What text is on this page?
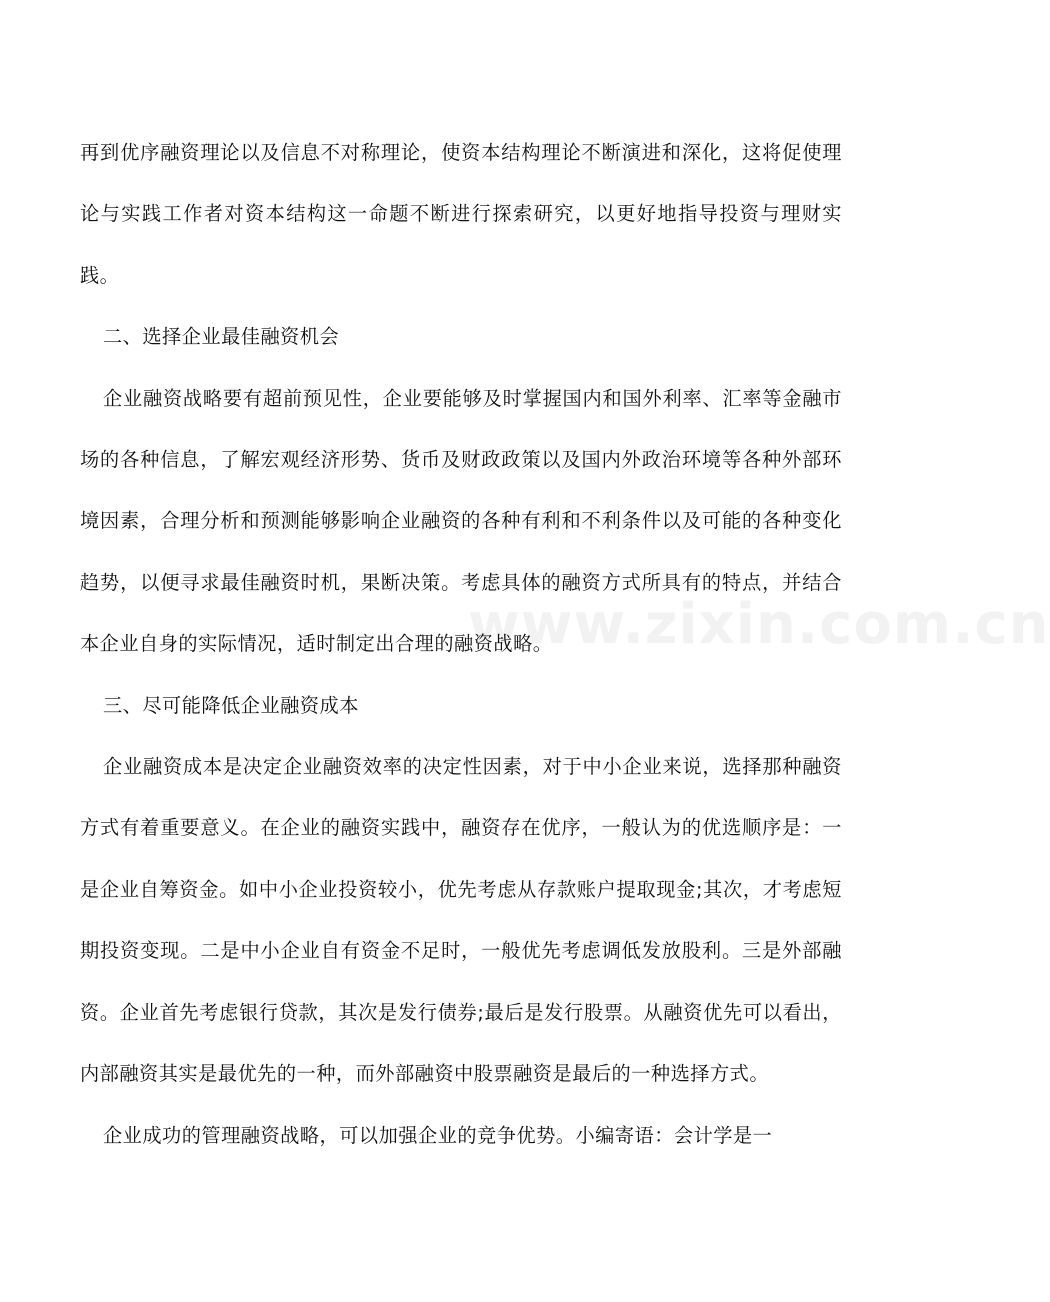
www.zixin.com.cn

再到优序融资理论以及信息不对称理论，使资本结构理论不断演进和深化，这将促使理论与实践工作者对资本结构这一命题不断进行探索研究，以更好地指导投资与理财实践。

二、选择企业最佳融资机会

企业融资战略要有超前预见性，企业要能够及时掌握国内和国外利率、汇率等金融市场的各种信息，了解宏观经济形势、货币及财政政策以及国内外政治环境等各种外部环境因素，合理分析和预测能够影响企业融资的各种有利和不利条件以及可能的各种变化趋势，以便寻求最佳融资时机，果断决策。考虑具体的融资方式所具有的特点，并结合本企业自身的实际情况，适时制定出合理的融资战略。

三、尽可能降低企业融资成本

企业融资成本是决定企业融资效率的决定性因素，对于中小企业来说，选择那种融资方式有着重要意义。在企业的融资实践中，融资存在优序，一般认为的优选顺序是：一是企业自筹资金。如中小企业投资较小，优先考虑从存款账户提取现金;其次，才考虑短期投资变现。二是中小企业自有资金不足时，一般优先考虑调低发放股利。三是外部融资。企业首先考虑银行贷款，其次是发行债券;最后是发行股票。从融资优先可以看出，内部融资其实是最优先的一种，而外部融资中股票融资是最后的一种选择方式。

企业成功的管理融资战略，可以加强企业的竞争优势。小编寄语：会计学是一
